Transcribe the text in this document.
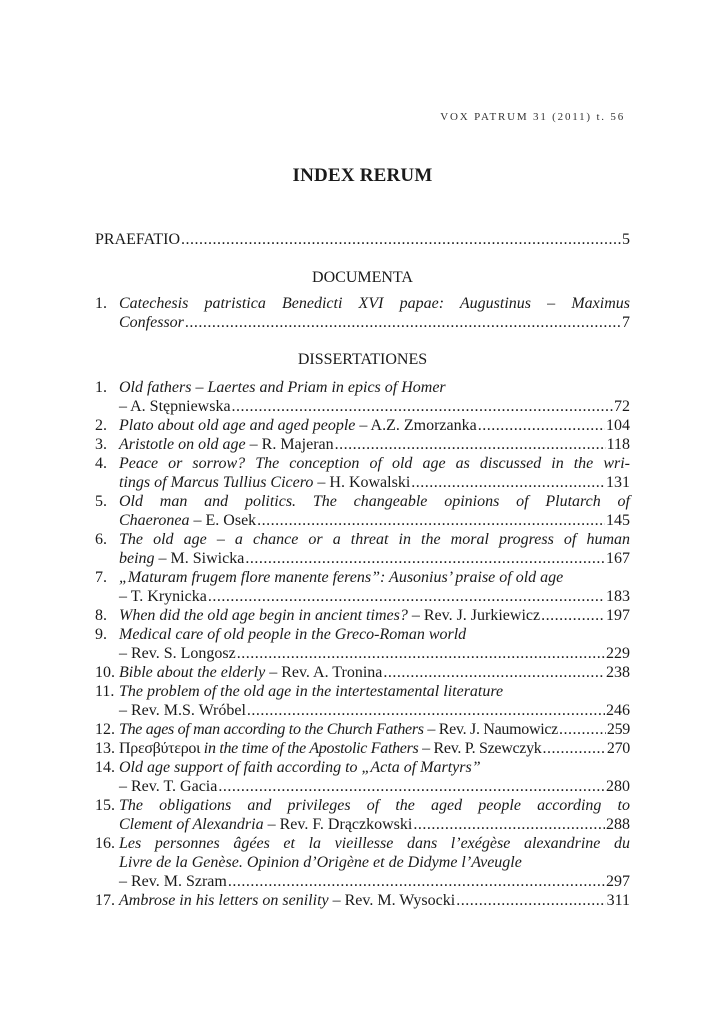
VOX PATRUM 31 (2011) t. 56
INDEX RERUM
PRAEFATIO .....	5
DOCUMENTA
1. Catechesis patristica Benedicti XVI papae: Augustinus – Maximus
Confessor .....	7
DISSERTATIONES
1. Old fathers – Laertes and Priam in epics of Homer
– A. Stępniewska .....	72
2. Plato about old age and aged people – A.Z. Zmorzanka .....	104
3. Aristotle on old age – R. Majeran .....	118
4. Peace or sorrow? The conception of old age as discussed in the wri-
tings of Marcus Tullius Cicero – H. Kowalski .....	131
5. Old man and politics. The changeable opinions of Plutarch of
Chaeronea – E. Osek .....	145
6. The old age – a chance or a threat in the moral progress of human
being – M. Siwicka .....	167
7. „Maturam frugem flore manente ferens”: Ausonius’ praise of old age
– T. Krynicka .....	183
8. When did the old age begin in ancient times? – Rev. J. Jurkiewicz .....	197
9. Medical care of old people in the Greco-Roman world
– Rev. S. Longosz .....	229
10. Bible about the elderly – Rev. A. Tronina .....	238
11. The problem of the old age in the intertestamental literature
– Rev. M.S. Wróbel .....	246
12. The ages of man according to the Church Fathers – Rev. J. Naumowicz .....	259
13. Πρεσβύτεροι in the time of the Apostolic Fathers – Rev. P. Szewczyk .....	270
14. Old age support of faith according to „Acta of Martyrs”
– Rev. T. Gacia .....	280
15. The obligations and privileges of the aged people according to
Clement of Alexandria – Rev. F. Drączkowski .....	288
16. Les personnes âgées et la vieillesse dans l’exégèse alexandrine du
Livre de la Genèse. Opinion d’Origène et de Didyme l’Aveugle
– Rev. M. Szram .....	297
17. Ambrose in his letters on senility – Rev. M. Wysocki .....	311
